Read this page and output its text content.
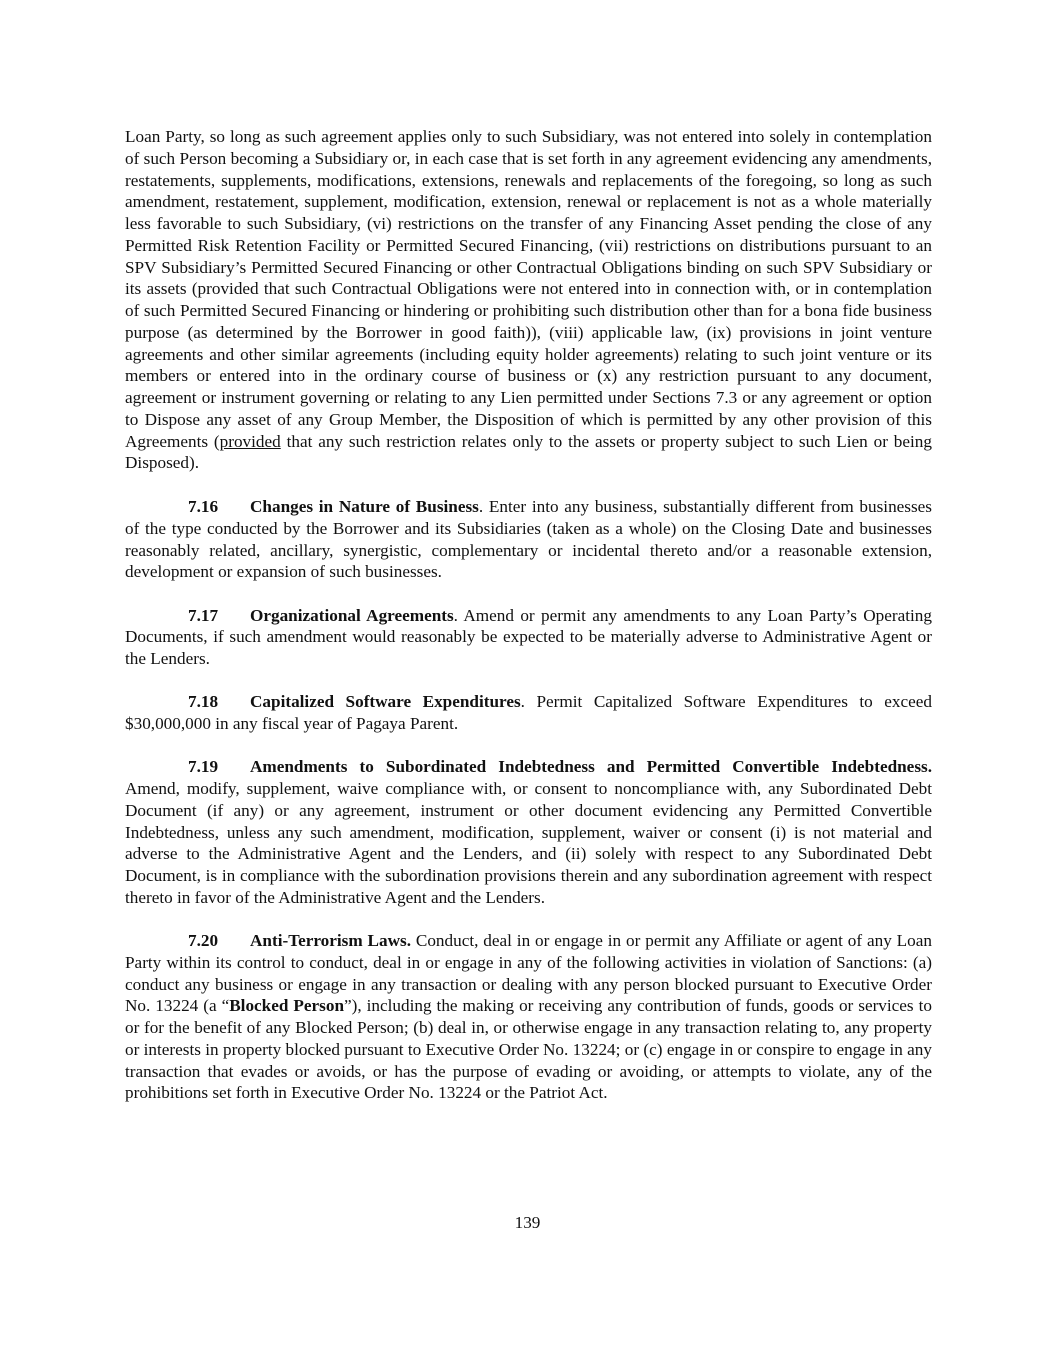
Loan Party, so long as such agreement applies only to such Subsidiary, was not entered into solely in contemplation of such Person becoming a Subsidiary or, in each case that is set forth in any agreement evidencing any amendments, restatements, supplements, modifications, extensions, renewals and replacements of the foregoing, so long as such amendment, restatement, supplement, modification, extension, renewal or replacement is not as a whole materially less favorable to such Subsidiary, (vi) restrictions on the transfer of any Financing Asset pending the close of any Permitted Risk Retention Facility or Permitted Secured Financing, (vii) restrictions on distributions pursuant to an SPV Subsidiary’s Permitted Secured Financing or other Contractual Obligations binding on such SPV Subsidiary or its assets (provided that such Contractual Obligations were not entered into in connection with, or in contemplation of such Permitted Secured Financing or hindering or prohibiting such distribution other than for a bona fide business purpose (as determined by the Borrower in good faith)), (viii) applicable law, (ix) provisions in joint venture agreements and other similar agreements (including equity holder agreements) relating to such joint venture or its members or entered into in the ordinary course of business or (x) any restriction pursuant to any document, agreement or instrument governing or relating to any Lien permitted under Sections 7.3 or any agreement or option to Dispose any asset of any Group Member, the Disposition of which is permitted by any other provision of this Agreements (provided that any such restriction relates only to the assets or property subject to such Lien or being Disposed).

7.16 Changes in Nature of Business. Enter into any business, substantially different from businesses of the type conducted by the Borrower and its Subsidiaries (taken as a whole) on the Closing Date and businesses reasonably related, ancillary, synergistic, complementary or incidental thereto and/or a reasonable extension, development or expansion of such businesses.

7.17 Organizational Agreements. Amend or permit any amendments to any Loan Party’s Operating Documents, if such amendment would reasonably be expected to be materially adverse to Administrative Agent or the Lenders.

7.18 Capitalized Software Expenditures. Permit Capitalized Software Expenditures to exceed $30,000,000 in any fiscal year of Pagaya Parent.

7.19 Amendments to Subordinated Indebtedness and Permitted Convertible Indebtedness. Amend, modify, supplement, waive compliance with, or consent to noncompliance with, any Subordinated Debt Document (if any) or any agreement, instrument or other document evidencing any Permitted Convertible Indebtedness, unless any such amendment, modification, supplement, waiver or consent (i) is not material and adverse to the Administrative Agent and the Lenders, and (ii) solely with respect to any Subordinated Debt Document, is in compliance with the subordination provisions therein and any subordination agreement with respect thereto in favor of the Administrative Agent and the Lenders.

7.20 Anti-Terrorism Laws. Conduct, deal in or engage in or permit any Affiliate or agent of any Loan Party within its control to conduct, deal in or engage in any of the following activities in violation of Sanctions: (a) conduct any business or engage in any transaction or dealing with any person blocked pursuant to Executive Order No. 13224 (a “Blocked Person”), including the making or receiving any contribution of funds, goods or services to or for the benefit of any Blocked Person; (b) deal in, or otherwise engage in any transaction relating to, any property or interests in property blocked pursuant to Executive Order No. 13224; or (c) engage in or conspire to engage in any transaction that evades or avoids, or has the purpose of evading or avoiding, or attempts to violate, any of the prohibitions set forth in Executive Order No. 13224 or the Patriot Act.

139
